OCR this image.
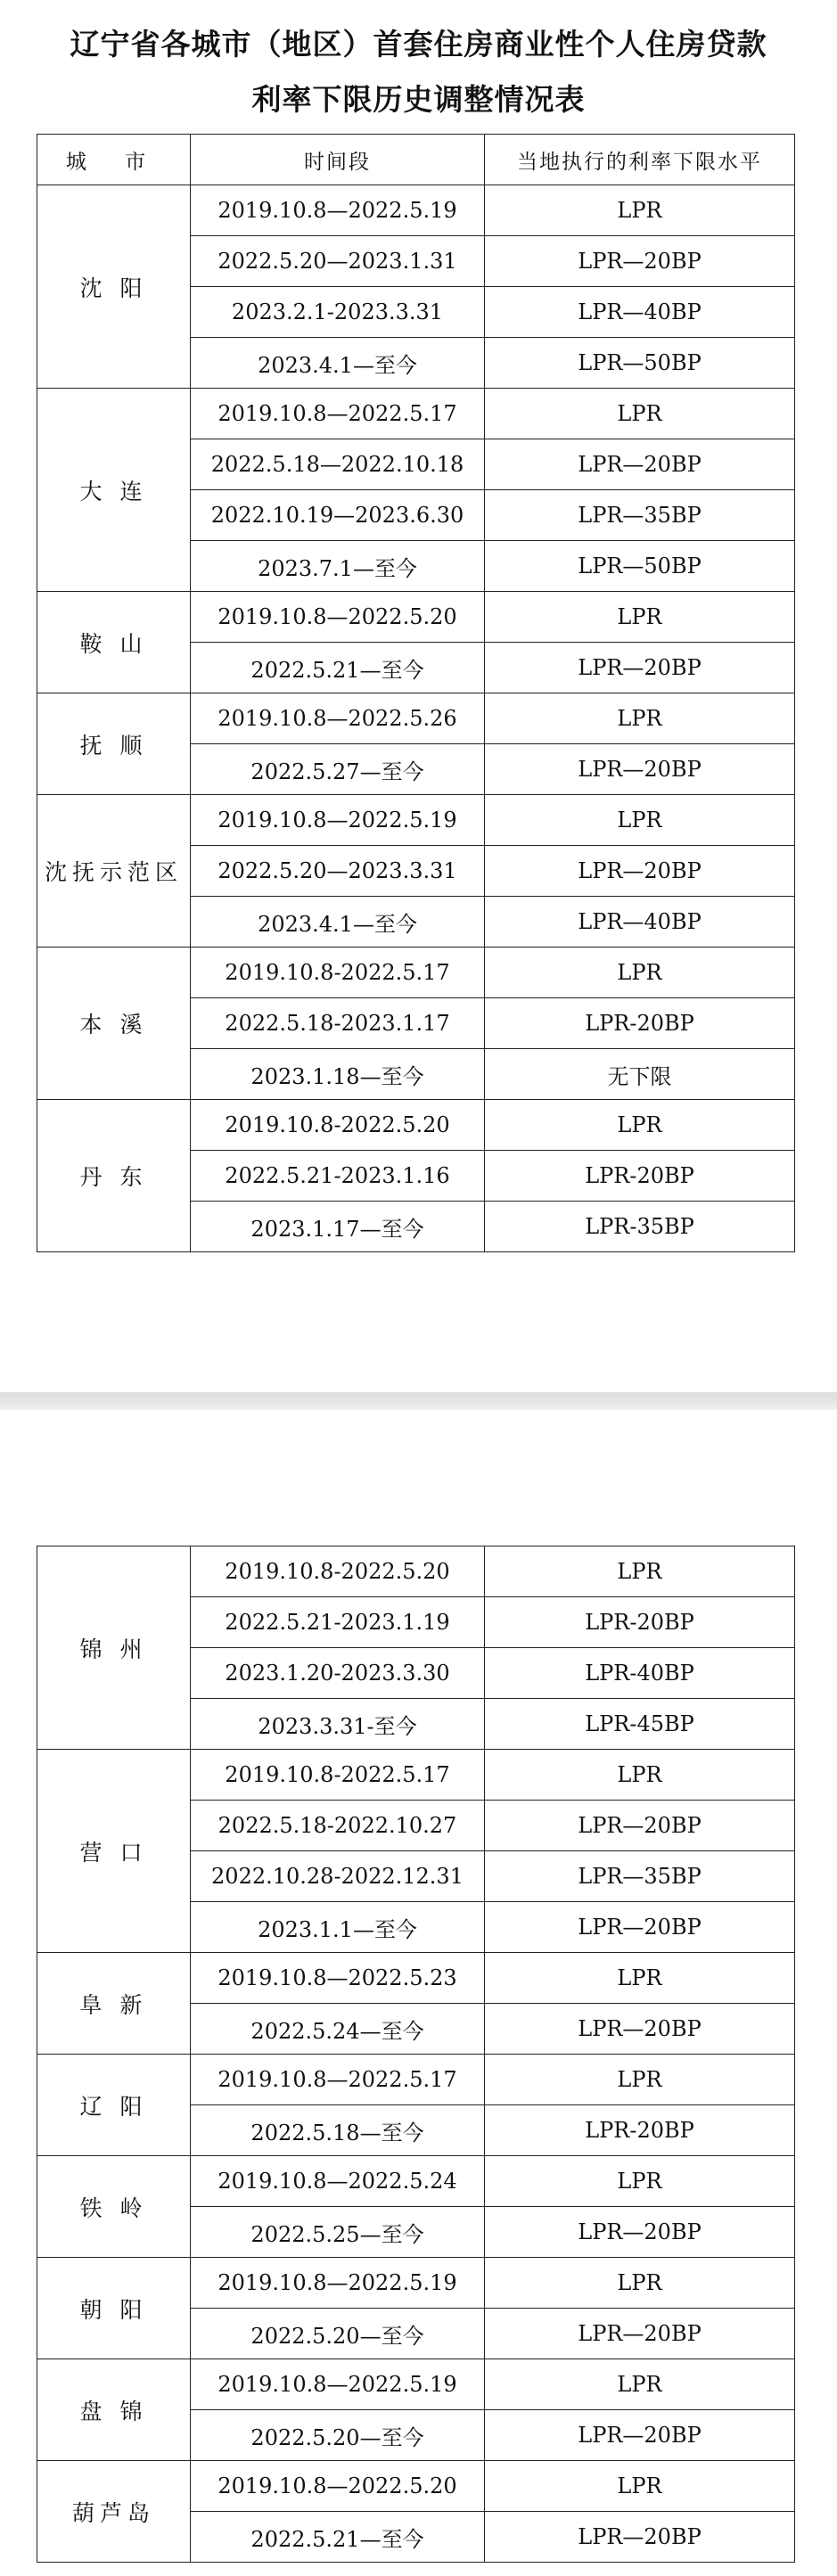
辽宁省各城市（地区）首套住房商业性个人住房贷款
利率下限历史调整情况表
城 市	时间段	当地执行的利率下限水平
沈 阳	2019.10.8—2022.5.19	LPR
	2022.5.20—2023.1.31	LPR—20BP
	2023.2.1-2023.3.31	LPR—40BP
	2023.4.1—至今	LPR—50BP
大 连	2019.10.8—2022.5.17	LPR
	2022.5.18—2022.10.18	LPR—20BP
	2022.10.19—2023.6.30	LPR—35BP
	2023.7.1—至今	LPR—50BP
鞍 山	2019.10.8—2022.5.20	LPR
	2022.5.21—至今	LPR—20BP
抚 顺	2019.10.8—2022.5.26	LPR
	2022.5.27—至今	LPR—20BP
沈抚示范区	2019.10.8—2022.5.19	LPR
	2022.5.20—2023.3.31	LPR—20BP
	2023.4.1—至今	LPR—40BP
本 溪	2019.10.8-2022.5.17	LPR
	2022.5.18-2023.1.17	LPR-20BP
	2023.1.18—至今	无下限
丹 东	2019.10.8-2022.5.20	LPR
	2022.5.21-2023.1.16	LPR-20BP
	2023.1.17—至今	LPR-35BP
锦 州	2019.10.8-2022.5.20	LPR
	2022.5.21-2023.1.19	LPR-20BP
	2023.1.20-2023.3.30	LPR-40BP
	2023.3.31-至今	LPR-45BP
营 口	2019.10.8-2022.5.17	LPR
	2022.5.18-2022.10.27	LPR—20BP
	2022.10.28-2022.12.31	LPR—35BP
	2023.1.1—至今	LPR—20BP
阜 新	2019.10.8—2022.5.23	LPR
	2022.5.24—至今	LPR—20BP
辽 阳	2019.10.8—2022.5.17	LPR
	2022.5.18—至今	LPR-20BP
铁 岭	2019.10.8—2022.5.24	LPR
	2022.5.25—至今	LPR—20BP
朝 阳	2019.10.8—2022.5.19	LPR
	2022.5.20—至今	LPR—20BP
盘 锦	2019.10.8—2022.5.19	LPR
	2022.5.20—至今	LPR—20BP
葫芦岛	2019.10.8—2022.5.20	LPR
	2022.5.21—至今	LPR—20BP
